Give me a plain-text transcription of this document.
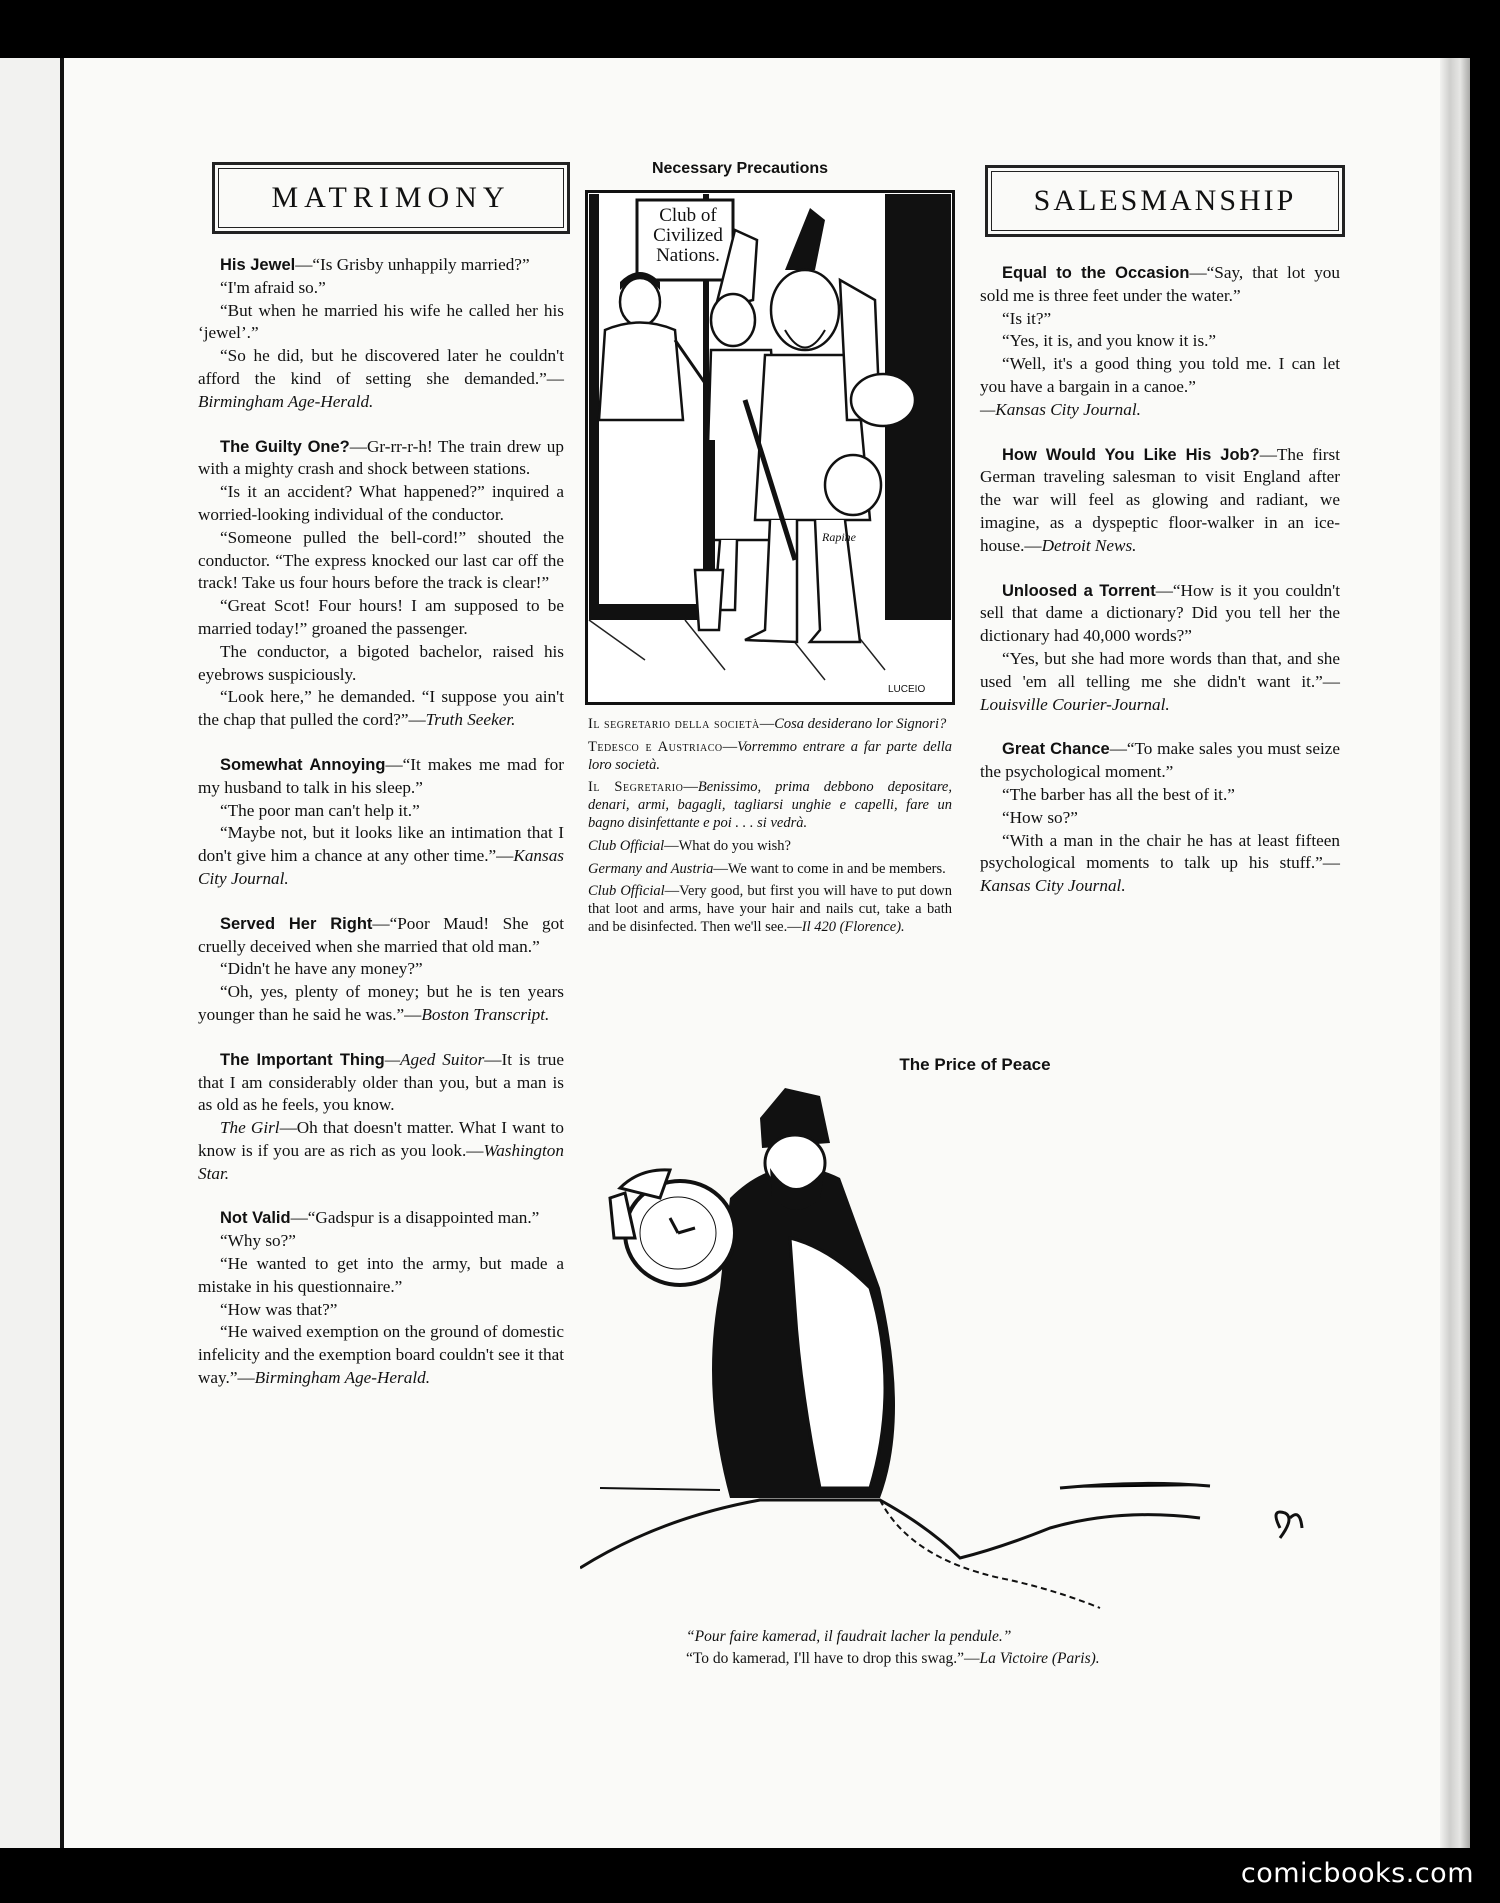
comicbooks.com
MATRIMONY

His Jewel—“Is Grisby unhappily married?”

“I'm afraid so.”

“But when he married his wife he called her his ‘jewel’.”

“So he did, but he discovered later he couldn't afford the kind of setting she demanded.”—Birmingham Age-Herald.

The Guilty One?—Gr-rr-r-h! The train drew up with a mighty crash and shock between stations.

“Is it an accident? What happened?” inquired a worried-looking individual of the conductor.

“Someone pulled the bell-cord!” shouted the conductor. “The express knocked our last car off the track! Take us four hours before the track is clear!”

“Great Scot! Four hours! I am supposed to be married today!” groaned the passenger.

The conductor, a bigoted bachelor, raised his eyebrows suspiciously.

“Look here,” he demanded. “I suppose you ain't the chap that pulled the cord?”—Truth Seeker.

Somewhat Annoying—“It makes me mad for my husband to talk in his sleep.”

“The poor man can't help it.”

“Maybe not, but it looks like an intimation that I don't give him a chance at any other time.”—Kansas City Journal.

Served Her Right—“Poor Maud! She got cruelly deceived when she married that old man.”

“Didn't he have any money?”

“Oh, yes, plenty of money; but he is ten years younger than he said he was.”—Boston Transcript.

The Important Thing—Aged Suitor—It is true that I am considerably older than you, but a man is as old as he feels, you know.

The Girl—Oh that doesn't matter. What I want to know is if you are as rich as you look.—Washington Star.

Not Valid—“Gadspur is a disappointed man.”

“Why so?”

“He wanted to get into the army, but made a mistake in his questionnaire.”

“How was that?”

“He waived exemption on the ground of domestic infelicity and the exemption board couldn't see it that way.”—Birmingham Age-Herald.

Necessary Precautions
Club of
Civilized
Nations.
Rapine
LUCEIO

Il segretario della società—Cosa desiderano lor Signori?

Tedesco e Austriaco—Vorremmo entrare a far parte della loro società.

Il Segretario—Benissimo, prima debbono depositare, denari, armi, bagagli, tagliarsi unghie e capelli, fare un bagno disinfettante e poi . . . si vedrà.

Club Official—What do you wish?

Germany and Austria—We want to come in and be members.

Club Official—Very good, but first you will have to put down that loot and arms, have your hair and nails cut, take a bath and be disinfected. Then we'll see.—Il 420 (Florence).

SALESMANSHIP

Equal to the Occasion—“Say, that lot you sold me is three feet under the water.”

“Is it?”

“Yes, it is, and you know it is.”

“Well, it's a good thing you told me. I can let you have a bargain in a canoe.”

—Kansas City Journal.

How Would You Like His Job?—The first German traveling salesman to visit England after the war will feel as glowing and radiant, we imagine, as a dyspeptic floor-walker in an ice-house.—Detroit News.

Unloosed a Torrent—“How is it you couldn't sell that dame a dictionary? Did you tell her the dictionary had 40,000 words?”

“Yes, but she had more words than that, and she used 'em all telling me she didn't want it.”—Louisville Courier-Journal.

Great Chance—“To make sales you must seize the psychological moment.”

“The barber has all the best of it.”

“How so?”

“With a man in the chair he has at least fifteen psychological moments to talk up his stuff.”—Kansas City Journal.

The Price of Peace
“Pour faire kamerad, il faudrait lacher la pendule.”
“To do kamerad, I'll have to drop this swag.”—La Victoire (Paris).
